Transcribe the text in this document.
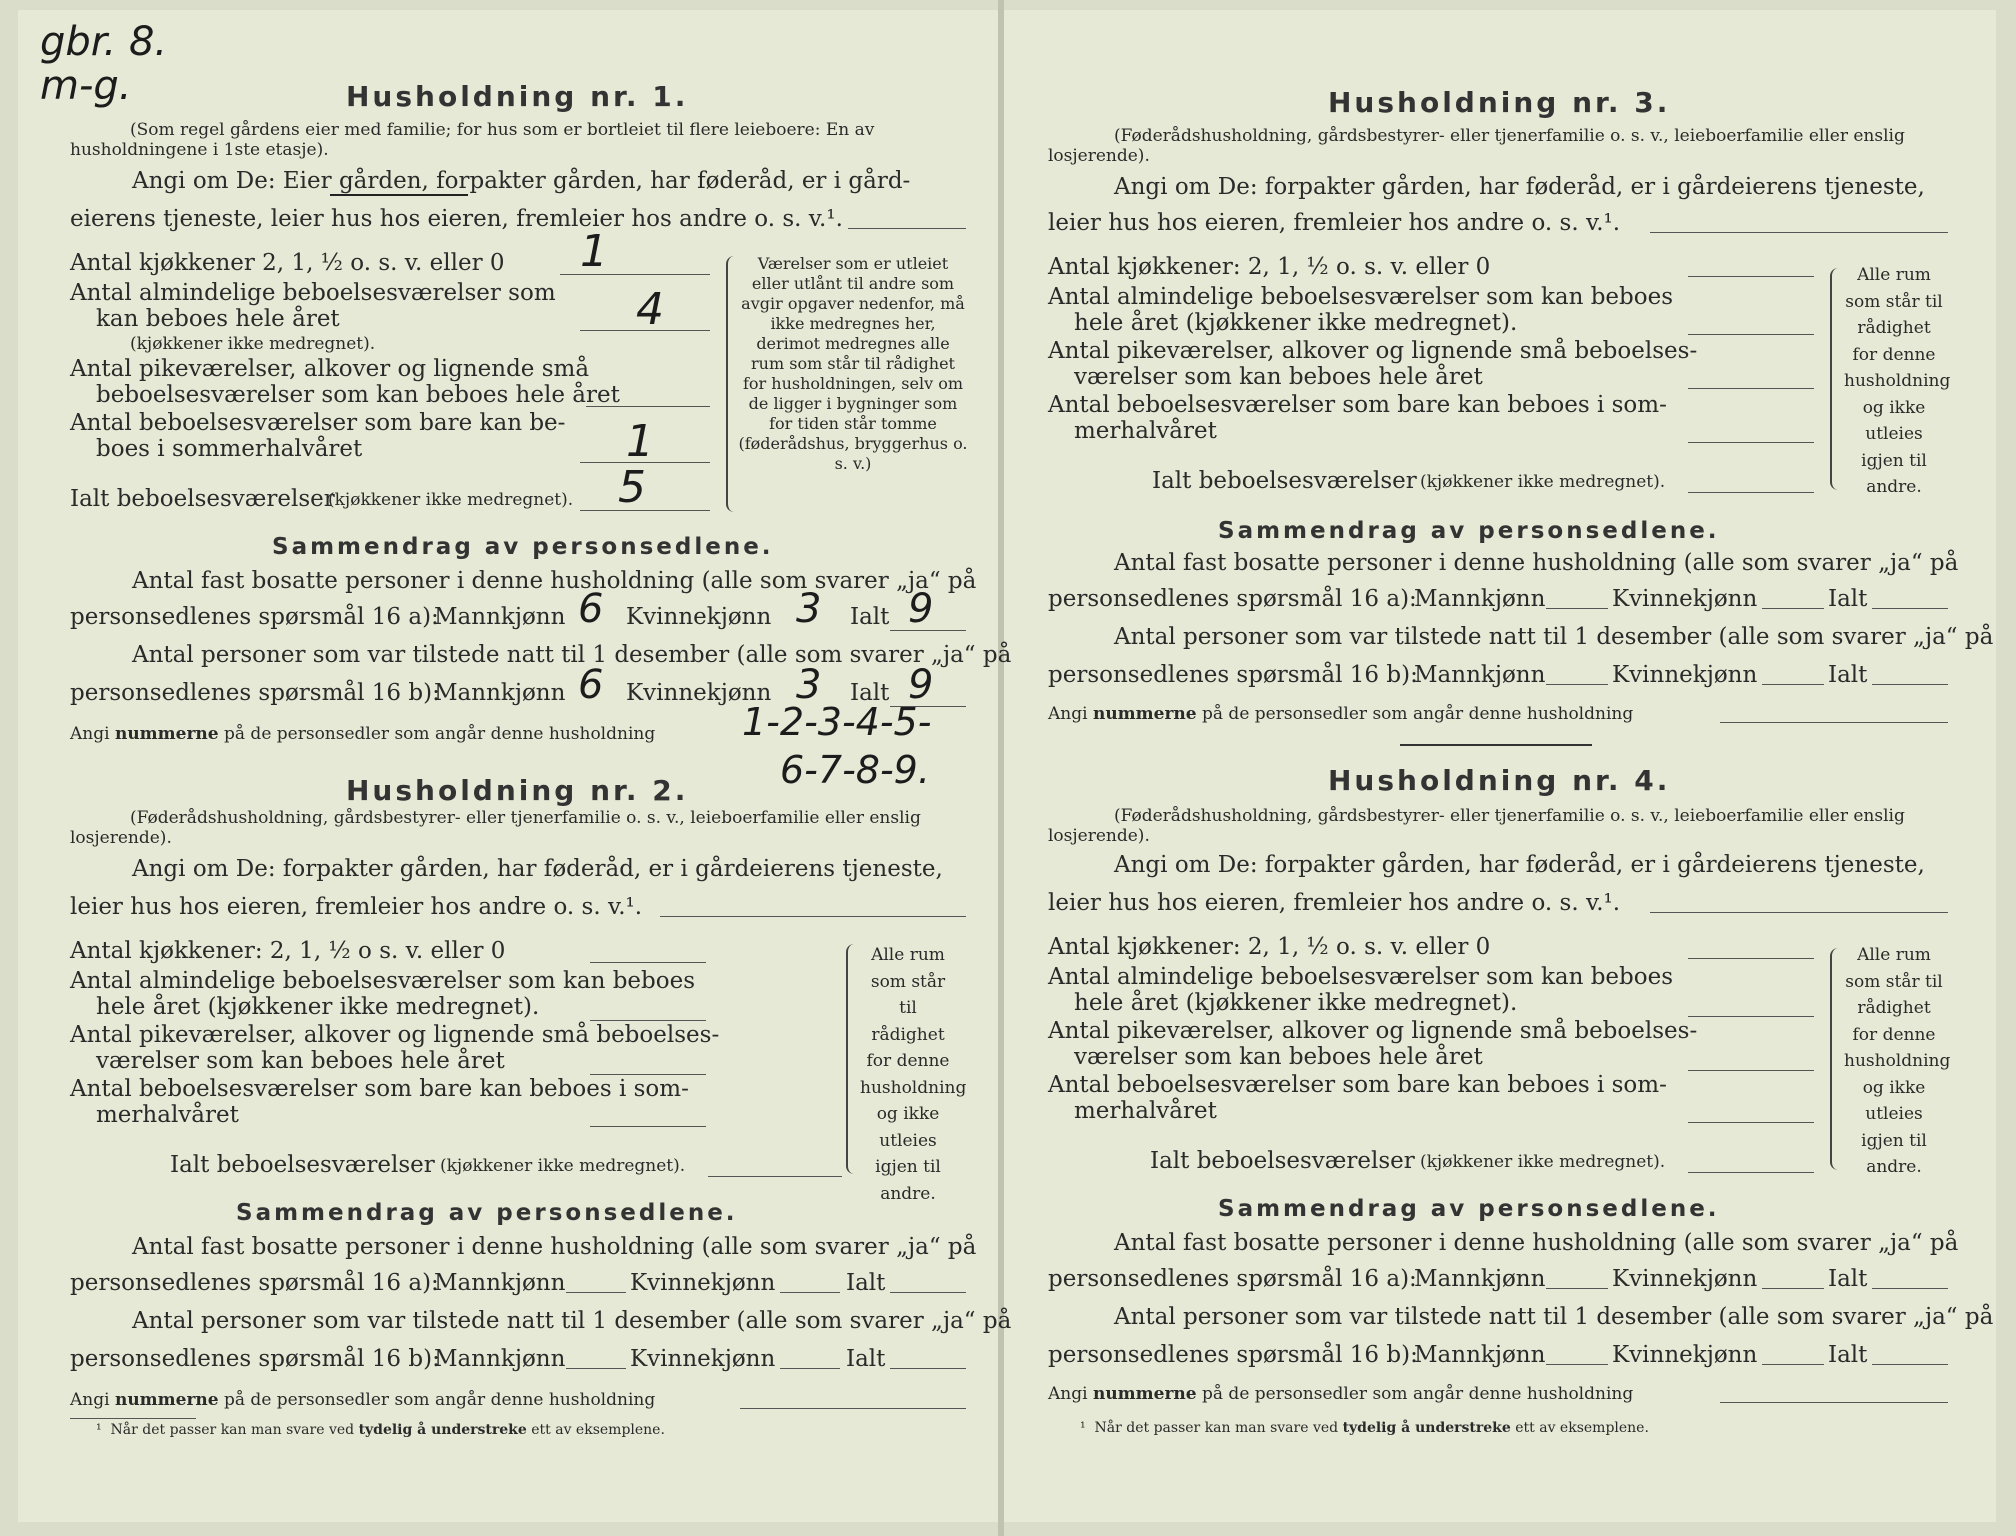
gbr. 8. m-g.	Husholdning nr. 1.
(Som regel gårdens eier med familie; for hus som er bortleiet til flere leieboere: En av husholdningene i 1ste etasje).
Angi om De: Eier gården, forpakter gården, har føderåd, er i gård-
eierens tjeneste, leier hus hos eieren, fremleier hos andre o. s. v.¹.
Antal kjøkkener 2, 1, ½ o. s. v. eller 0 1
Antal almindelige beboelsesværelser som
kan beboes hele året
(kjøkkener ikke medregnet).
4
Antal pikeværelser, alkover og lignende små
beboelsesværelser som kan beboes hele året
Antal beboelsesværelser som bare kan be-
boes i sommerhalvåret	1
Ialt beboelsesværelser
(kjøkkener ikke medregnet). 5
Værelser som er utleiet eller utlånt til andre som avgir opgaver nedenfor, må ikke medregnes her, derimot medregnes alle rum som står til rådighet for husholdningen, selv om de ligger i bygninger som for tiden står tomme (føderådshus, bryggerhus o. s. v.)
Sammendrag av personsedlene.
Antal fast bosatte personer i denne husholdning (alle som svarer „ja“ på
personsedlenes spørsmål 16 a):
Mannkjønn 6 Kvinnekjønn 3 Ialt 9
Antal personer som var tilstede natt til 1 desember (alle som svarer „ja“ på
personsedlenes spørsmål 16 b):
Mannkjønn 6 Kvinnekjønn 3 Ialt 9
Angi nummerne på de personsedler som angår denne husholdning 1-2-3-4-5-
6-7-8-9.
Husholdning nr. 2.
(Føderådshusholdning, gårdsbestyrer- eller tjenerfamilie o. s. v., leieboerfamilie eller enslig losjerende).
Angi om De: forpakter gården, har føderåd, er i gårdeierens tjeneste,
leier hus hos eieren, fremleier hos andre o. s. v.¹.
Antal kjøkkener: 2, 1, ½ o s. v. eller 0
Antal almindelige beboelsesværelser som kan beboes
hele året (kjøkkener ikke medregnet).
Antal pikeværelser, alkover og lignende små beboelses-
værelser som kan beboes hele året
Antal beboelsesværelser som bare kan beboes i som-
merhalvåret
Ialt beboelsesværelser (kjøkkener ikke medregnet).
Alle rum som står til rådighet for denne husholdning og ikke utleies igjen til andre.
Sammendrag av personsedlene.
Antal fast bosatte personer i denne husholdning (alle som svarer „ja“ på
personsedlenes spørsmål 16 a):
Mannkjønn	Kvinnekjønn	Ialt
Antal personer som var tilstede natt til 1 desember (alle som svarer „ja“ på
personsedlenes spørsmål 16 b):
Mannkjønn	Kvinnekjønn	Ialt
Angi nummerne på de personsedler som angår denne husholdning
¹ Når det passer kan man svare ved tydelig å understreke ett av eksemplene.
Husholdning nr. 3.
(Føderådshusholdning, gårdsbestyrer- eller tjenerfamilie o. s. v., leieboerfamilie eller enslig losjerende).
Angi om De: forpakter gården, har føderåd, er i gårdeierens tjeneste,
leier hus hos eieren, fremleier hos andre o. s. v.¹.
Antal kjøkkener: 2, 1, ½ o. s. v. eller 0
Antal almindelige beboelsesværelser som kan beboes
hele året (kjøkkener ikke medregnet).
Antal pikeværelser, alkover og lignende små beboelses-
værelser som kan beboes hele året
Antal beboelsesværelser som bare kan beboes i som-
merhalvåret
Ialt beboelsesværelser (kjøkkener ikke medregnet).
Alle rum som står til rådighet for denne husholdning og ikke utleies igjen til andre.
Sammendrag av personsedlene.
Antal fast bosatte personer i denne husholdning (alle som svarer „ja“ på
personsedlenes spørsmål 16 a):
Mannkjønn	Kvinnekjønn	Ialt
Antal personer som var tilstede natt til 1 desember (alle som svarer „ja“ på
personsedlenes spørsmål 16 b):
Mannkjønn	Kvinnekjønn	Ialt
Angi nummerne på de personsedler som angår denne husholdning
Husholdning nr. 4.
(Føderådshusholdning, gårdsbestyrer- eller tjenerfamilie o. s. v., leieboerfamilie eller enslig losjerende).
Angi om De: forpakter gården, har føderåd, er i gårdeierens tjeneste,
leier hus hos eieren, fremleier hos andre o. s. v.¹.
Antal kjøkkener: 2, 1, ½ o. s. v. eller 0
Antal almindelige beboelsesværelser som kan beboes
hele året (kjøkkener ikke medregnet).
Antal pikeværelser, alkover og lignende små beboelses-
værelser som kan beboes hele året
Antal beboelsesværelser som bare kan beboes i som-
merhalvåret
Ialt beboelsesværelser (kjøkkener ikke medregnet).
Alle rum som står til rådighet for denne husholdning og ikke utleies igjen til andre.
Sammendrag av personsedlene.
Antal fast bosatte personer i denne husholdning (alle som svarer „ja“ på
personsedlenes spørsmål 16 a):
Mannkjønn	Kvinnekjønn	Ialt
Antal personer som var tilstede natt til 1 desember (alle som svarer „ja“ på
personsedlenes spørsmål 16 b):
Mannkjønn	Kvinnekjønn	Ialt
Angi nummerne på de personsedler som angår denne husholdning
¹ Når det passer kan man svare ved tydelig å understreke ett av eksemplene.
